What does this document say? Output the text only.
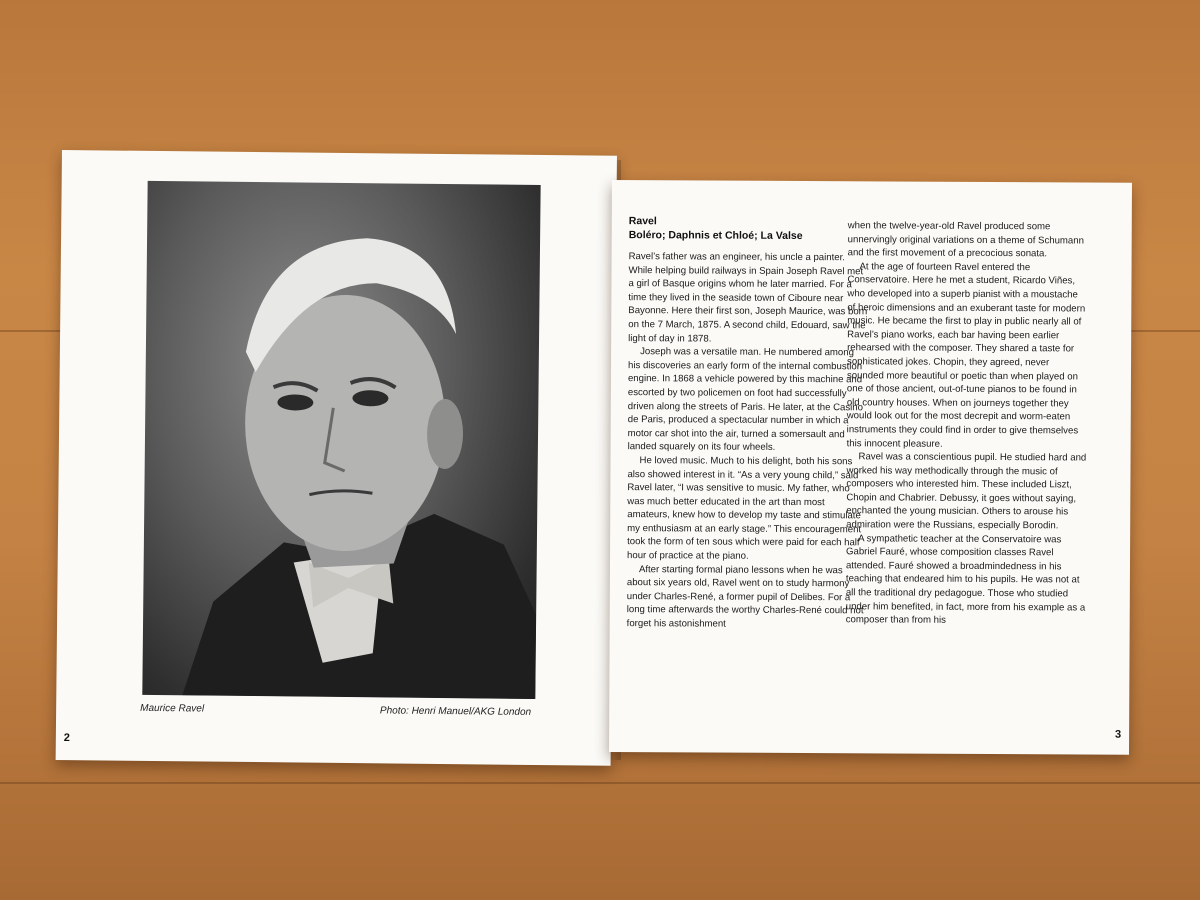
Maurice Ravel	Photo: Henri Manuel/AKG London
2
Ravel
Boléro; Daphnis et Chloé; La Valse

Ravel’s father was an engineer, his uncle a painter. While helping build railways in Spain Joseph Ravel met a girl of Basque origins whom he later married. For a time they lived in the seaside town of Ciboure near Bayonne. Here their first son, Joseph Maurice, was born on the 7 March, 1875. A second child, Edouard, saw the light of day in 1878.

Joseph was a versatile man. He numbered among his discoveries an early form of the internal combustion engine. In 1868 a vehicle powered by this machine and escorted by two policemen on foot had successfully driven along the streets of Paris. He later, at the Casino de Paris, produced a spectacular number in which a motor car shot into the air, turned a somersault and landed squarely on its four wheels.

He loved music. Much to his delight, both his sons also showed interest in it. “As a very young child,” said Ravel later, “I was sensitive to music. My father, who was much better educated in the art than most amateurs, knew how to develop my taste and stimulate my enthusiasm at an early stage.” This encouragement took the form of ten sous which were paid for each half hour of practice at the piano.

After starting formal piano lessons when he was about six years old, Ravel went on to study harmony under Charles-René, a former pupil of Delibes. For a long time afterwards the worthy Charles-René could not forget his astonishment

when the twelve-year-old Ravel produced some unnervingly original variations on a theme of Schumann and the first movement of a precocious sonata.

At the age of fourteen Ravel entered the Conservatoire. Here he met a student, Ricardo Viñes, who developed into a superb pianist with a moustache of heroic dimensions and an exuberant taste for modern music. He became the first to play in public nearly all of Ravel’s piano works, each bar having been earlier rehearsed with the composer. They shared a taste for sophisticated jokes. Chopin, they agreed, never sounded more beautiful or poetic than when played on one of those ancient, out-of-tune pianos to be found in old country houses. When on journeys together they would look out for the most decrepit and worm-eaten instruments they could find in order to give themselves this innocent pleasure.

Ravel was a conscientious pupil. He studied hard and worked his way methodically through the music of composers who interested him. These included Liszt, Chopin and Chabrier. Debussy, it goes without saying, enchanted the young musician. Others to arouse his admiration were the Russians, especially Borodin.

A sympathetic teacher at the Conservatoire was Gabriel Fauré, whose composition classes Ravel attended. Fauré showed a broadmindedness in his teaching that endeared him to his pupils. He was not at all the traditional dry pedagogue. Those who studied under him benefited, in fact, more from his example as a composer than from his

3
